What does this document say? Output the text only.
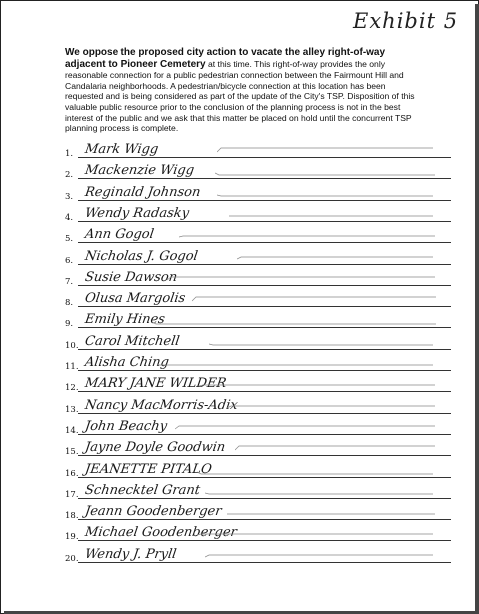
Exhibit 5
We oppose the proposed city action to vacate the alley right-of-way adjacent to Pioneer Cemetery at this time. This right-of-way provides the only reasonable connection for a public pedestrian connection between the Fairmount Hill and Candalaria neighborhoods. A pedestrian/bicycle connection at this location has been requested and is being considered as part of the update of the City's TSP. Disposition of this valuable public resource prior to the conclusion of the planning process is not in the best interest of the public and we ask that this matter be placed on hold until the concurrent TSP planning process is complete.
1. Mark Wigg
2. Mackenzie Wigg
3. Reginald Johnson
4. Wendy Radasky
5. Ann Gogol
6. Nicholas J. Gogol
7. Susie Dawson
8. Olusa Margolis
9. Emily Hines
10. Carol Mitchell
11. Alisha Ching
12. MARY JANE WILDER
13. Nancy MacMorris-Adix
14. John Beachy
15. Jayne Doyle Goodwin
16. JEANETTE PITALO
17. Schnecktel Grant
18. Jeann Goodenberger
19. Michael Goodenberger
20. Wendy J. Pryll
